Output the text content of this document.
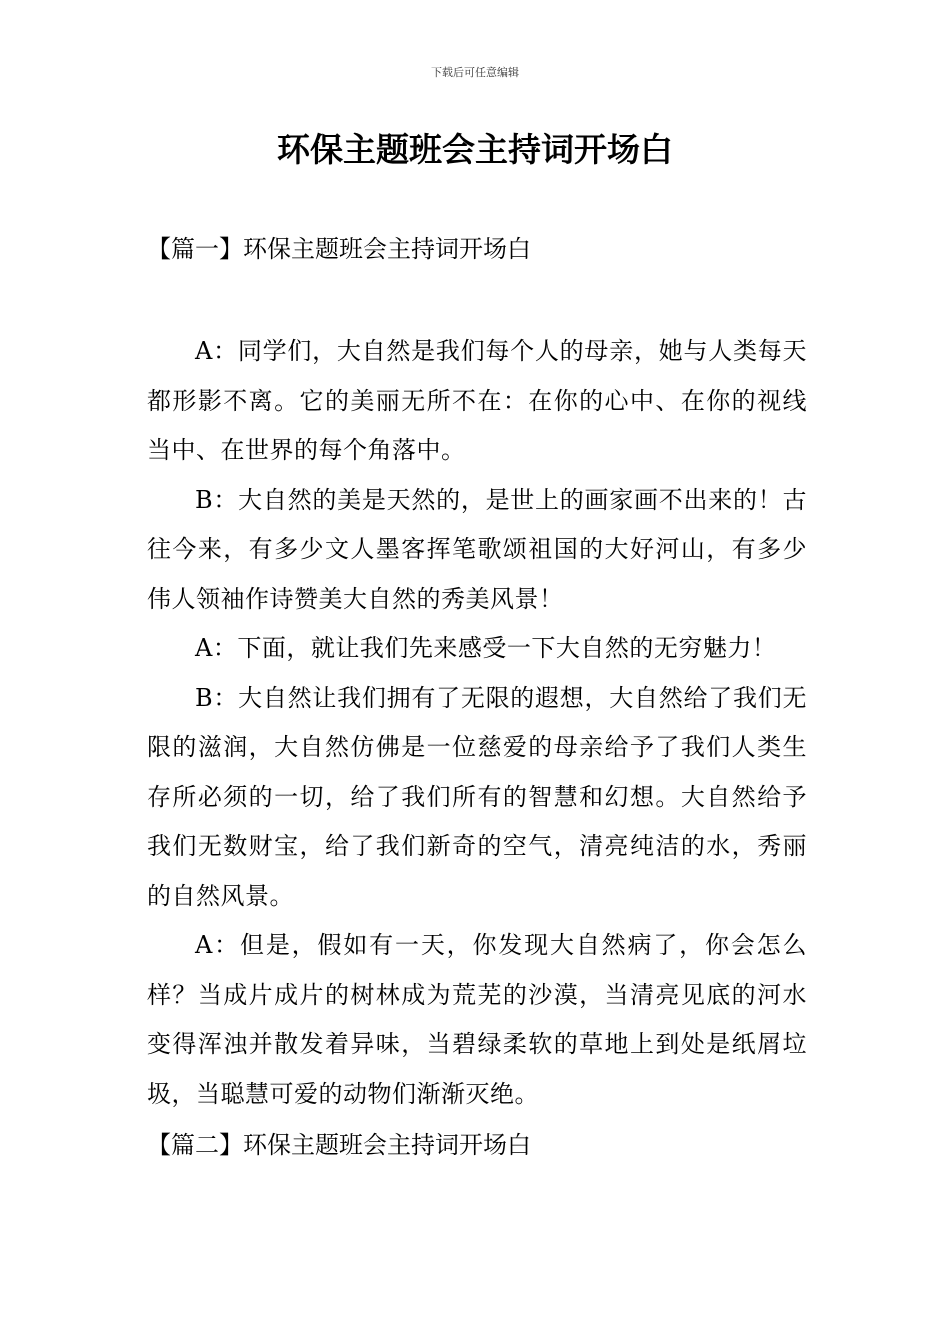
下载后可任意编辑
环保主题班会主持词开场白
【篇一】环保主题班会主持词开场白

A：同学们，大自然是我们每个人的母亲，她与人类每天都形影不离。它的美丽无所不在：在你的心中、在你的视线当中、在世界的每个角落中。

B：大自然的美是天然的，是世上的画家画不出来的！古往今来，有多少文人墨客挥笔歌颂祖国的大好河山，有多少伟人领袖作诗赞美大自然的秀美风景！

A：下面，就让我们先来感受一下大自然的无穷魅力！

B：大自然让我们拥有了无限的遐想，大自然给了我们无限的滋润，大自然仿佛是一位慈爱的母亲给予了我们人类生存所必须的一切，给了我们所有的智慧和幻想。大自然给予我们无数财宝，给了我们新奇的空气，清亮纯洁的水，秀丽的自然风景。

A：但是，假如有一天，你发现大自然病了，你会怎么样？当成片成片的树林成为荒芜的沙漠，当清亮见底的河水变得浑浊并散发着异味，当碧绿柔软的草地上到处是纸屑垃圾，当聪慧可爱的动物们渐渐灭绝。

【篇二】环保主题班会主持词开场白
